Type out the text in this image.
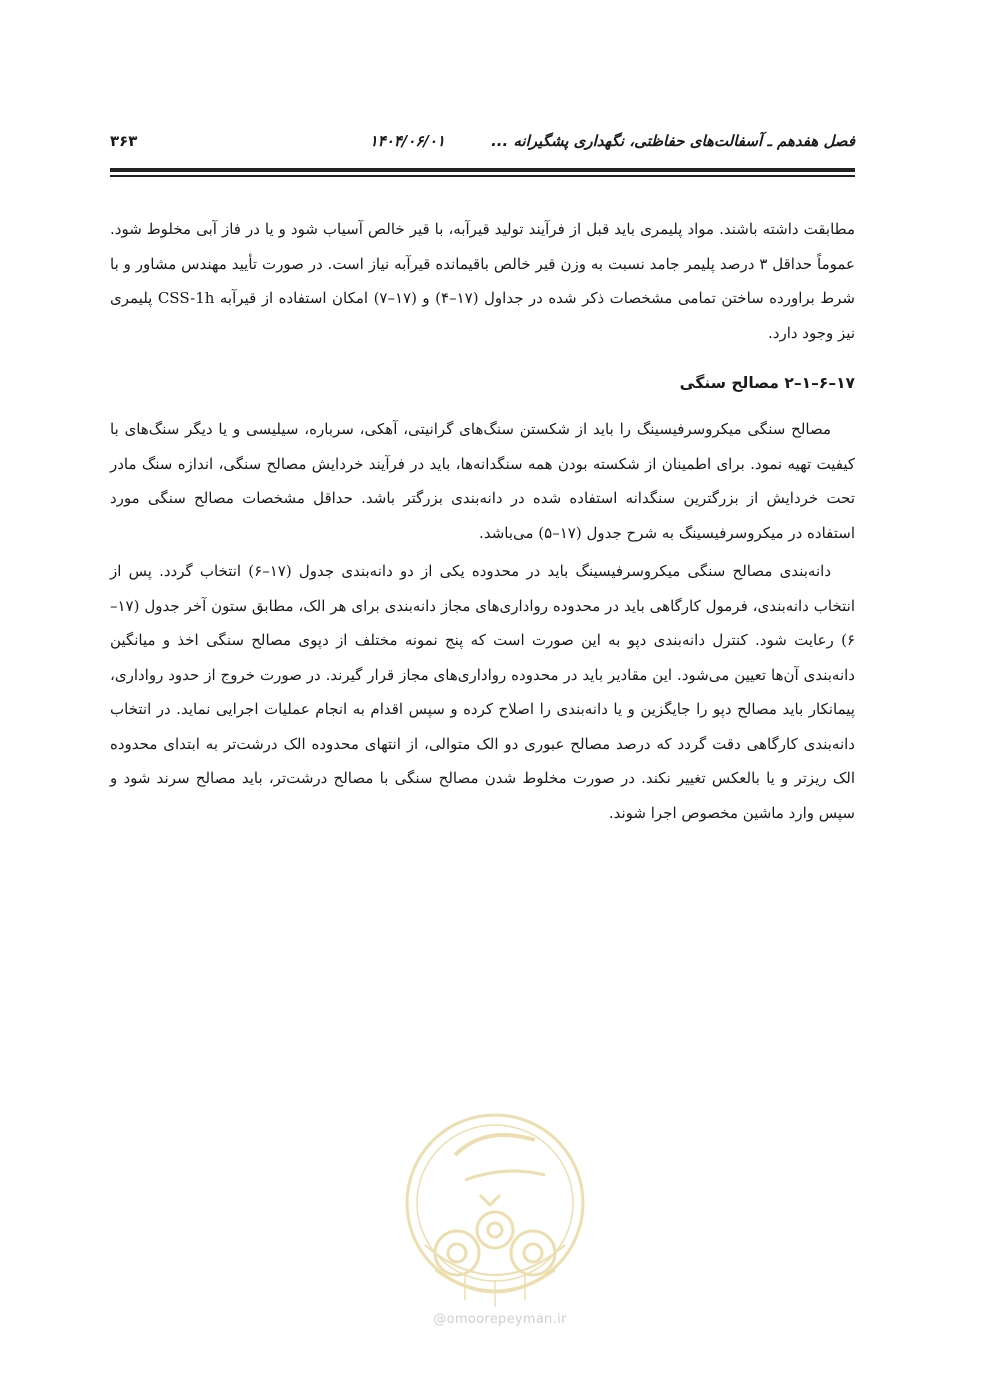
فصل هفدهم ـ آسفالت‌های حفاظتی، نگهداری پشگیرانه ...
۱۴۰۴/۰۶/۰۱
۳۶۳

مطابقت داشته باشند. مواد پلیمری باید قبل از فرآیند تولید قیرآبه، با قیر خالص آسیاب شود و یا در فاز آبی مخلوط شود. عموماً حداقل ۳ درصد پلیمر جامد نسبت به وزن قیر خالص باقیمانده قیرآبه نیاز است. در صورت تأیید مهندس مشاور و با شرط براورده ساختن تمامی مشخصات ذکر شده در جداول (۱۷–۴) و (۱۷–۷) امکان استفاده از قیرآبه CSS-1h پلیمری نیز وجود دارد.

۱۷–۶–۱–۲ مصالح سنگی

مصالح سنگی میکروسرفیسینگ را باید از شکستن سنگ‌های گرانیتی، آهکی، سرباره، سیلیسی و یا دیگر سنگ‌های با کیفیت تهیه نمود. برای اطمینان از شکسته بودن همه سنگدانه‌ها، باید در فرآیند خردایش مصالح سنگی، اندازه سنگ مادر تحت خردایش از بزرگترین سنگدانه استفاده شده در دانه‌بندی بزرگتر باشد. حداقل مشخصات مصالح سنگی مورد استفاده در میکروسرفیسینگ به شرح جدول (۱۷–۵) می‌باشد.

دانه‌بندی مصالح سنگی میکروسرفیسینگ باید در محدوده یکی از دو دانه‌بندی جدول (۱۷–۶) انتخاب گردد. پس از انتخاب دانه‌بندی، فرمول کارگاهی باید در محدوده رواداری‌های مجاز دانه‌بندی برای هر الک، مطابق ستون آخر جدول (۱۷–۶) رعایت شود. کنترل دانه‌بندی دپو به این صورت است که پنج نمونه مختلف از دپوی مصالح سنگی اخذ و میانگین دانه‌بندی آن‌ها تعیین می‌شود. این مقادیر باید در محدوده رواداری‌های مجاز قرار گیرند. در صورت خروج از حدود رواداری، پیمانکار باید مصالح دپو را جایگزین و یا دانه‌بندی را اصلاح کرده و سپس اقدام به انجام عملیات اجرایی نماید. در انتخاب دانه‌بندی کارگاهی دقت گردد که درصد مصالح عبوری دو الک متوالی، از انتهای محدوده الک درشت‌تر به ابتدای محدوده الک ریزتر و یا بالعکس تغییر نکند. در صورت مخلوط شدن مصالح سنگی با مصالح درشت‌تر، باید مصالح سرند شود و سپس وارد ماشین مخصوص اجرا شوند.

@omoorepeyman.ir
